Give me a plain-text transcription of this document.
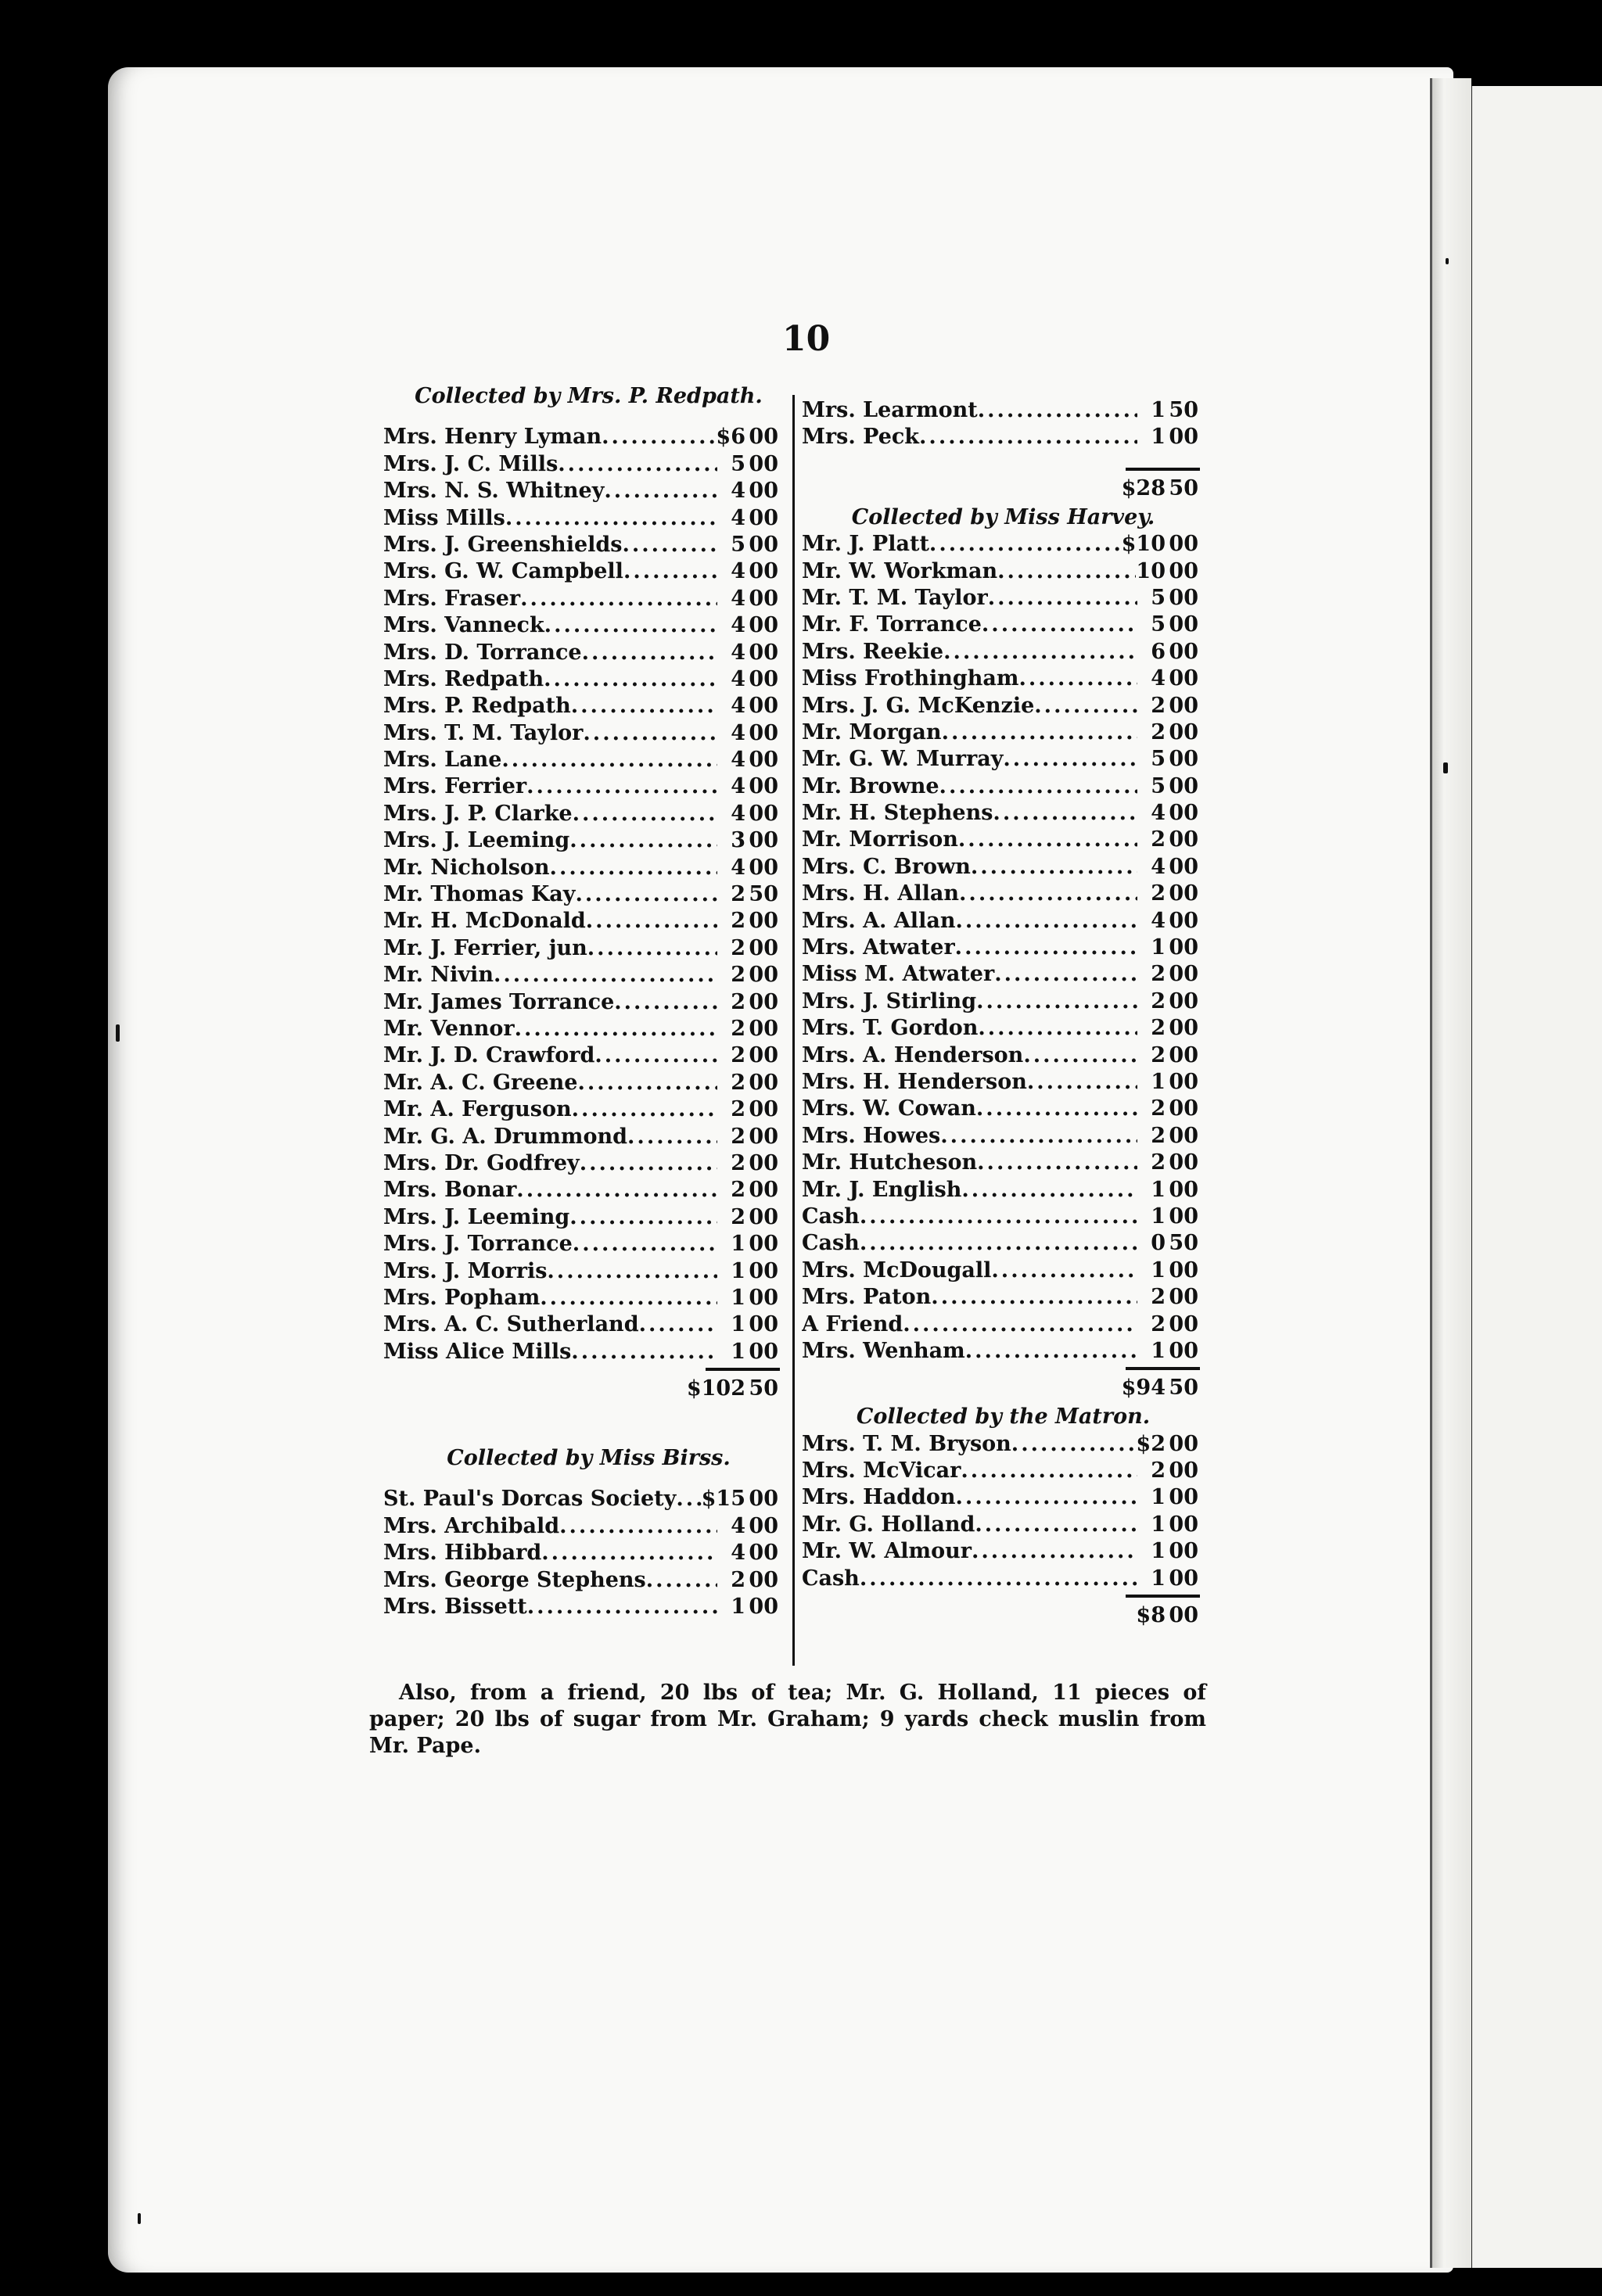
10
Collected by Mrs. P. Redpath.
Mrs. Henry Lyman .....	$6 00
Mrs. J. C. Mills .....	5 00
Mrs. N. S. Whitney .....	4 00
Miss Mills .....	4 00
Mrs. J. Greenshields .....	5 00
Mrs. G. W. Campbell .....	4 00
Mrs. Fraser .....	4 00
Mrs. Vanneck .....	4 00
Mrs. D. Torrance .....	4 00
Mrs. Redpath .....	4 00
Mrs. P. Redpath .....	4 00
Mrs. T. M. Taylor .....	4 00
Mrs. Lane .....	4 00
Mrs. Ferrier .....	4 00
Mrs. J. P. Clarke .....	4 00
Mrs. J. Leeming .....	3 00
Mr. Nicholson .....	4 00
Mr. Thomas Kay .....	2 50
Mr. H. McDonald .....	2 00
Mr. J. Ferrier, jun .....	2 00
Mr. Nivin .....	2 00
Mr. James Torrance .....	2 00
Mr. Vennor .....	2 00
Mr. J. D. Crawford .....	2 00
Mr. A. C. Greene .....	2 00
Mr. A. Ferguson .....	2 00
Mr. G. A. Drummond .....	2 00
Mrs. Dr. Godfrey .....	2 00
Mrs. Bonar .....	2 00
Mrs. J. Leeming .....	2 00
Mrs. J. Torrance .....	1 00
Mrs. J. Morris .....	1 00
Mrs. Popham .....	1 00
Mrs. A. C. Sutherland .....	1 00
Miss Alice Mills .....	1 00
$102 50
Collected by Miss Birss.
St. Paul's Dorcas Society ..... $15 00
Mrs. Archibald .....	4 00
Mrs. Hibbard .....	4 00
Mrs. George Stephens .....	2 00
Mrs. Bissett .....	1 00
Mrs. Learmont .....	1 50
Mrs. Peck .....	1 00
$28 50
Collected by Miss Harvey.
Mr. J. Platt .....	$10 00
Mr. W. Workman .....	10 00
Mr. T. M. Taylor .....	5 00
Mr. F. Torrance .....	5 00
Mrs. Reekie .....	6 00
Miss Frothingham .....	4 00
Mrs. J. G. McKenzie .....	2 00
Mr. Morgan .....	2 00
Mr. G. W. Murray .....	5 00
Mr. Browne .....	5 00
Mr. H. Stephens .....	4 00
Mr. Morrison .....	2 00
Mrs. C. Brown .....	4 00
Mrs. H. Allan .....	2 00
Mrs. A. Allan .....	4 00
Mrs. Atwater .....	1 00
Miss M. Atwater .....	2 00
Mrs. J. Stirling .....	2 00
Mrs. T. Gordon .....	2 00
Mrs. A. Henderson .....	2 00
Mrs. H. Henderson .....	1 00
Mrs. W. Cowan .....	2 00
Mrs. Howes .....	2 00
Mr. Hutcheson .....	2 00
Mr. J. English .....	1 00
Cash .....	1 00
Cash .....	0 50
Mrs. McDougall .....	1 00
Mrs. Paton .....	2 00
A Friend .....	2 00
Mrs. Wenham .....	1 00
$94 50
Collected by the Matron.
Mrs. T. M. Bryson .....	$2 00
Mrs. McVicar .....	2 00
Mrs. Haddon .....	1 00
Mr. G. Holland .....	1 00
Mr. W. Almour .....	1 00
Cash .....	1 00
$8 00
Also, from a friend, 20 lbs of tea; Mr. G. Holland, 11 pieces of paper; 20 lbs of sugar from Mr. Graham; 9 yards check muslin from Mr. Pape.
